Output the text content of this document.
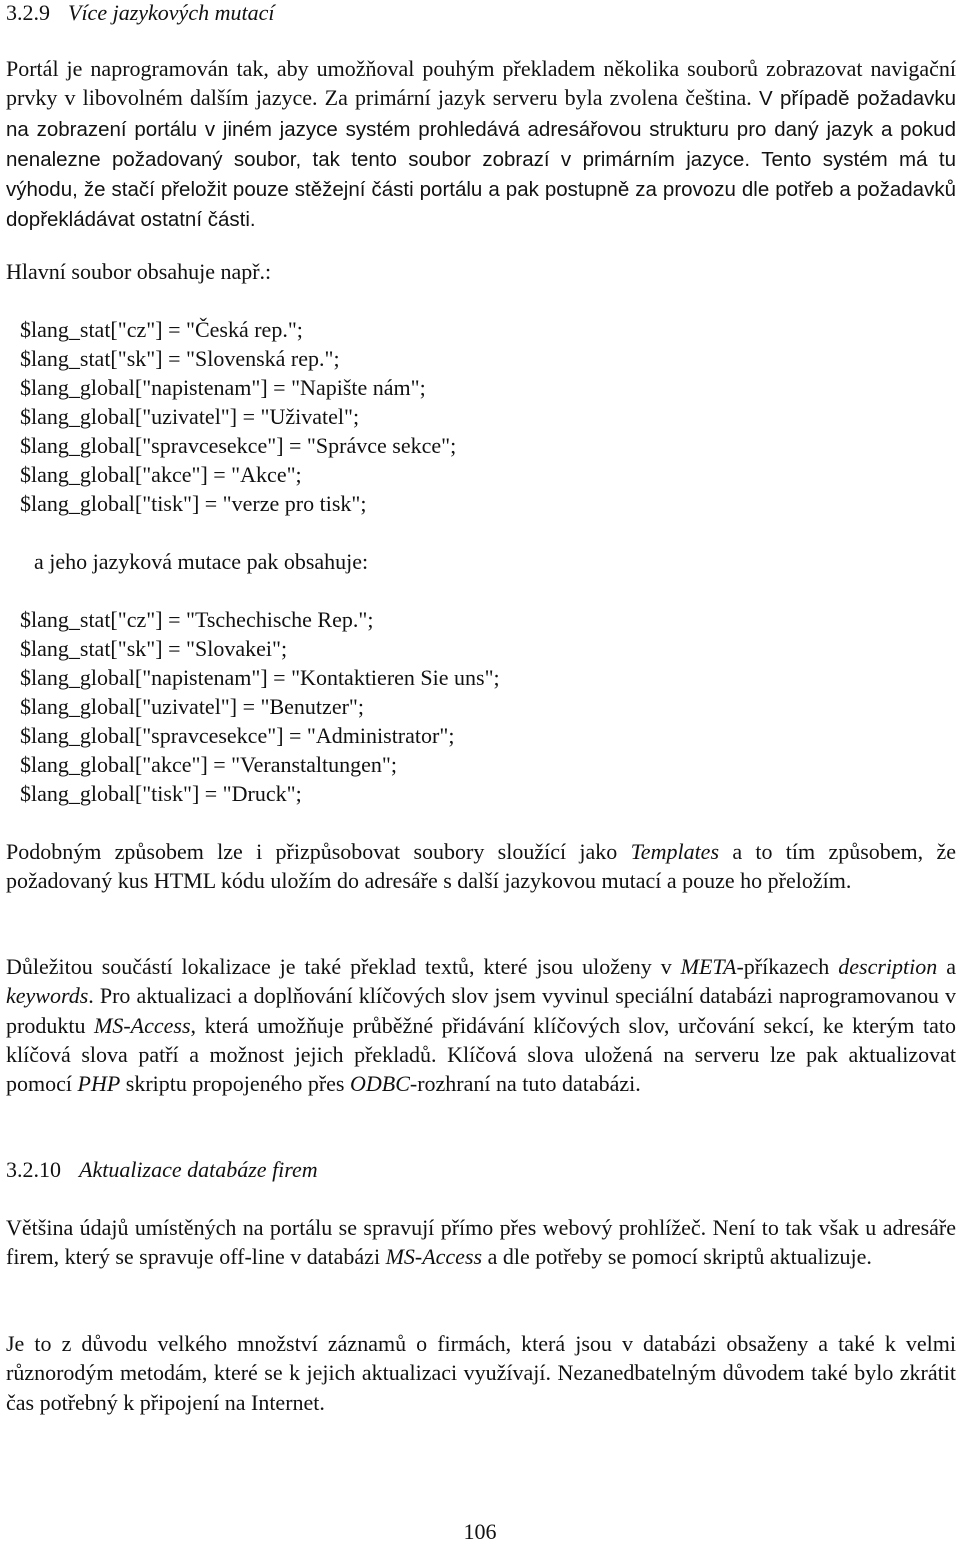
3.2.9 Více jazykových mutací
Portál je naprogramován tak, aby umožňoval pouhým překladem několika souborů zobrazovat navigační prvky v libovolném dalším jazyce. Za primární jazyk serveru byla zvolena čeština. V případě požadavku na zobrazení portálu v jiném jazyce systém prohledává adresářovou strukturu pro daný jazyk a pokud nenalezne požadovaný soubor, tak tento soubor zobrazí v primárním jazyce. Tento systém má tu výhodu, že stačí přeložit pouze stěžejní části portálu a pak postupně za provozu dle potřeb a požadavků dopřekládávat ostatní části.
Hlavní soubor obsahuje např.:
$lang_stat["cz"] = "Česká rep.";
$lang_stat["sk"] = "Slovenská rep.";
$lang_global["napistenam"] = "Napište nám";
$lang_global["uzivatel"] = "Uživatel";
$lang_global["spravcesekce"] = "Správce sekce";
$lang_global["akce"] = "Akce";
$lang_global["tisk"] = "verze pro tisk";
a jeho jazyková mutace pak obsahuje:
$lang_stat["cz"] = "Tschechische Rep.";
$lang_stat["sk"] = "Slovakei";
$lang_global["napistenam"] = "Kontaktieren Sie uns";
$lang_global["uzivatel"] = "Benutzer";
$lang_global["spravcesekce"] = "Administrator";
$lang_global["akce"] = "Veranstaltungen";
$lang_global["tisk"] = "Druck";
Podobným způsobem lze i přizpůsobovat soubory sloužící jako Templates a to tím způsobem, že požadovaný kus HTML kódu uložím do adresáře s další jazykovou mutací a pouze ho přeložím.
Důležitou součástí lokalizace je také překlad textů, které jsou uloženy v META-příkazech description a keywords. Pro aktualizaci a doplňování klíčových slov jsem vyvinul speciální databázi naprogramovanou v produktu MS-Access, která umožňuje průběžné přidávání klíčových slov, určování sekcí, ke kterým tato klíčová slova patří a možnost jejich překladů. Klíčová slova uložená na serveru lze pak aktualizovat pomocí PHP skriptu propojeného přes ODBC-rozhraní na tuto databázi.
3.2.10 Aktualizace databáze firem
Většina údajů umístěných na portálu se spravují přímo přes webový prohlížeč. Není to tak však u adresáře firem, který se spravuje off-line v databázi MS-Access a dle potřeby se pomocí skriptů aktualizuje.
Je to z důvodu velkého množství záznamů o firmách, která jsou v databázi obsaženy a také k velmi různorodým metodám, které se k jejich aktualizaci využívají. Nezanedbatelným důvodem také bylo zkrátit čas potřebný k připojení na Internet.
106
